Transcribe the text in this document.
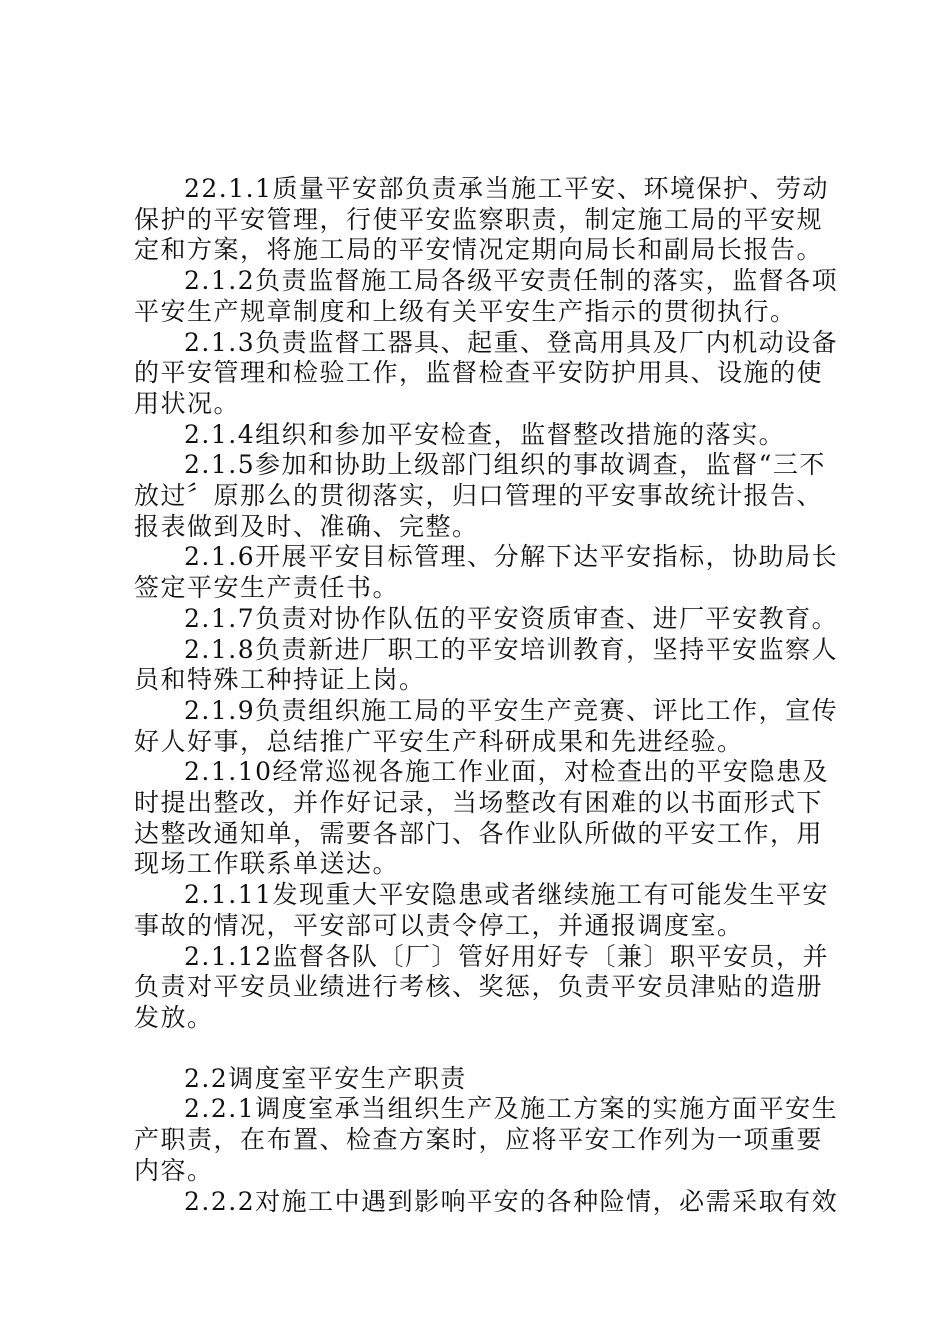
22.1.1质量平安部负责承当施工平安、环境保护、劳动保护的平安管理，行使平安监察职责，制定施工局的平安规定和方案，将施工局的平安情况定期向局长和副局长报告。

2.1.2负责监督施工局各级平安责任制的落实，监督各项平安生产规章制度和上级有关平安生产指示的贯彻执行。

2.1.3负责监督工器具、起重、登高用具及厂内机动设备的平安管理和检验工作，监督检查平安防护用具、设施的使用状况。

2.1.4组织和参加平安检查，监督整改措施的落实。

2.1.5参加和协助上级部门组织的事故调查，监督“三不放过〞原那么的贯彻落实，归口管理的平安事故统计报告、报表做到及时、准确、完整。

2.1.6开展平安目标管理、分解下达平安指标，协助局长签定平安生产责任书。

2.1.7负责对协作队伍的平安资质审查、进厂平安教育。

2.1.8负责新进厂职工的平安培训教育，坚持平安监察人员和特殊工种持证上岗。

2.1.9负责组织施工局的平安生产竞赛、评比工作，宣传好人好事，总结推广平安生产科研成果和先进经验。

2.1.10经常巡视各施工作业面，对检查出的平安隐患及时提出整改，并作好记录，当场整改有困难的以书面形式下达整改通知单，需要各部门、各作业队所做的平安工作，用现场工作联系单送达。

2.1.11发现重大平安隐患或者继续施工有可能发生平安事故的情况，平安部可以责令停工，并通报调度室。

2.1.12监督各队〔厂〕管好用好专〔兼〕职平安员，并负责对平安员业绩进行考核、奖惩，负责平安员津贴的造册发放。

2.2调度室平安生产职责

2.2.1调度室承当组织生产及施工方案的实施方面平安生产职责，在布置、检查方案时，应将平安工作列为一项重要内容。

2.2.2对施工中遇到影响平安的各种险情，必需采取有效
